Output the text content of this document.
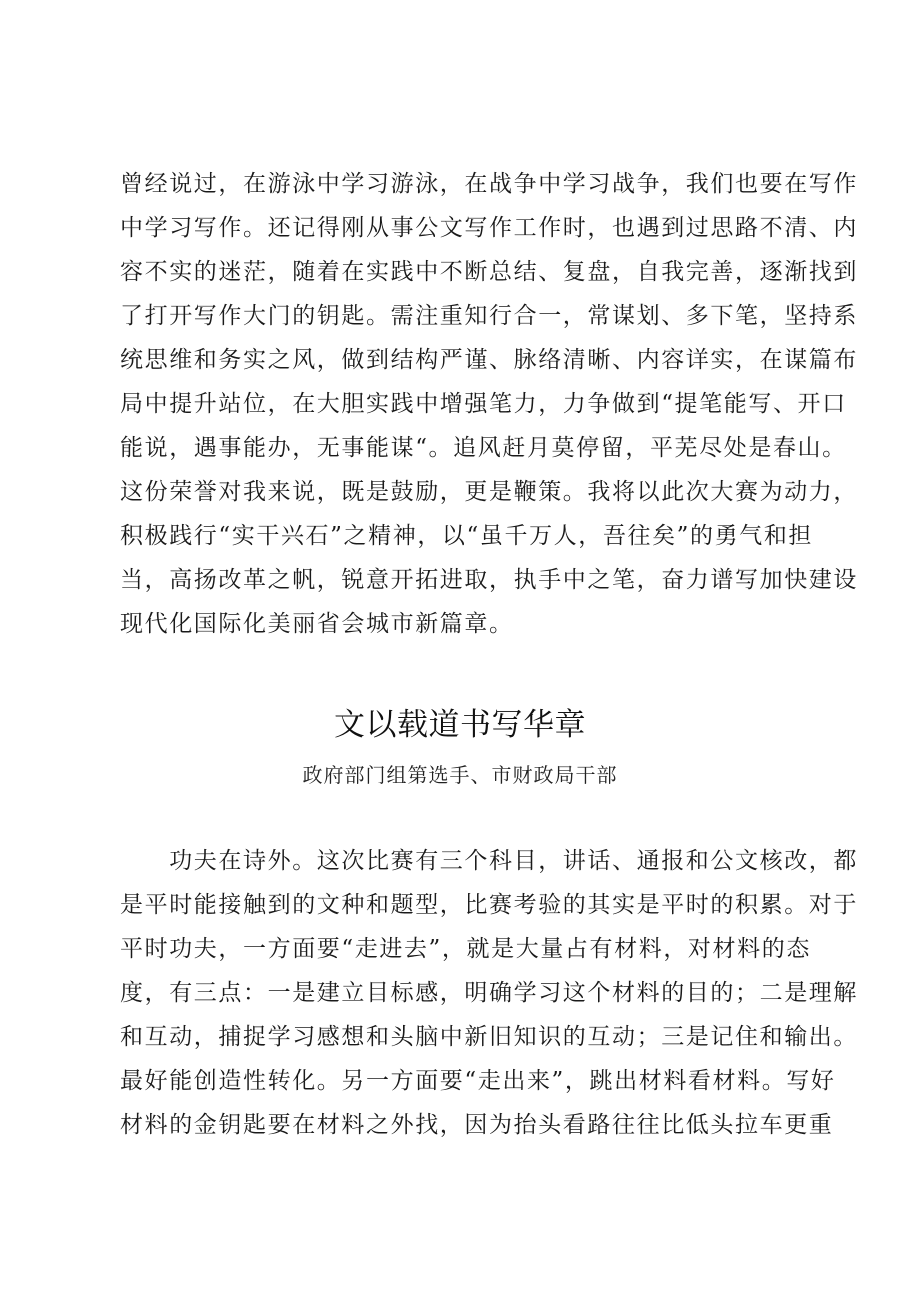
曾经说过，在游泳中学习游泳，在战争中学习战争，我们也要在写作
中学习写作。还记得刚从事公文写作工作时，也遇到过思路不清、内
容不实的迷茫，随着在实践中不断总结、复盘，自我完善，逐渐找到
了打开写作大门的钥匙。需注重知行合一，常谋划、多下笔，坚持系
统思维和务实之风，做到结构严谨、脉络清晰、内容详实，在谋篇布
局中提升站位，在大胆实践中增强笔力，力争做到“提笔能写、开口
能说，遇事能办，无事能谋“。追风赶月莫停留，平芜尽处是春山。
这份荣誉对我来说，既是鼓励，更是鞭策。我将以此次大赛为动力，
积极践行“实干兴石”之精神，以“虽千万人，吾往矣”的勇气和担
当，高扬改革之帆，锐意开拓进取，执手中之笔，奋力谱写加快建设
现代化国际化美丽省会城市新篇章。
文以载道书写华章
政府部门组第选手、市财政局干部
　　功夫在诗外。这次比赛有三个科目，讲话、通报和公文核改，都
是平时能接触到的文种和题型，比赛考验的其实是平时的积累。对于
平时功夫，一方面要“走进去”，就是大量占有材料，对材料的态
度，有三点：一是建立目标感，明确学习这个材料的目的；二是理解
和互动，捕捉学习感想和头脑中新旧知识的互动；三是记住和输出。
最好能创造性转化。另一方面要“走出来”，跳出材料看材料。写好
材料的金钥匙要在材料之外找，因为抬头看路往往比低头拉车更重
